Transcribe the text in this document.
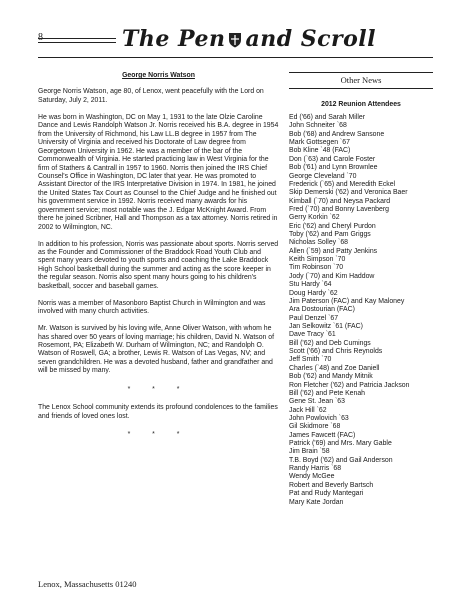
8	The Pen and Scroll

George Norris Watson

George Norris Watson, age 80, of Lenox, went peacefully with the Lord on Saturday, July 2, 2011.

He was born in Washington, DC on May 1, 1931 to the late Olzie Caroline Dance and Lewis Randolph Watson Jr. Norris received his B.A. degree in 1954 from the University of Richmond, his Law LL.B degree in 1957 from The University of Virginia and received his Doctorate of Law degree from Georgetown University in 1962. He was a member of the bar of the Commonwealth of Virginia. He started practicing law in West Virginia for the firm of Stathers & Cantrall in 1957 to 1960. Norris then joined the IRS Chief Counsel's Office in Washington, DC later that year. He was promoted to Assistant Director of the IRS Interpretative Division in 1974. In 1981, he joined the United States Tax Court as Counsel to the Chief Judge and he finished out his government service in 1992. Norris received many awards for his government service; most notable was the J. Edgar McKnight Award. From there he joined Scribner, Hall and Thompson as a tax attorney. Norris retired in 2002 to Wilmington, NC.

In addition to his profession, Norris was passionate about sports. Norris served as the Founder and Commissioner of the Braddock Road Youth Club and spent many years devoted to youth sports and coaching the Lake Braddock High School basketball during the summer and acting as the score keeper in the regular season. Norris also spent many hours going to his children's basketball, soccer and baseball games.

Norris was a member of Masonboro Baptist Church in Wilmington and was involved with many church activities.

Mr. Watson is survived by his loving wife, Anne Oliver Watson, with whom he has shared over 50 years of loving marriage; his children, David N. Watson of Rosemont, PA; Elizabeth W. Durham of Wilmington, NC; and Randolph O. Watson of Roswell, GA; a brother, Lewis R. Watson of Las Vegas, NV; and seven grandchildren. He was a devoted husband, father and grandfather and will be missed by many.

* * *

The Lenox School community extends its profound condolences to the families and friends of loved ones lost.

* * *

Lenox, Massachusetts 01240
Other News
2012 Reunion Attendees
Ed ('66) and Sarah Miller
John Schneiter `68
Bob ('68) and Andrew Sansone
Mark Gottsegen `67
Bob Kline `48 (FAC)
Don (`63) and Carole Foster
Bob ('61) and Lynn Brownlee
George Cleveland `70
Frederick (`65) and Meredith Eckel
Skip Demerski ('62) and Veronica Baer
Kimball (`70) and Neysa Packard
Fred (`70) and Bonny Lavenberg
Gerry Korkin `62
Eric ('62) and Cheryl Purdon
Toby ('62) and Pam Griggs
Nicholas Solley `68
Allen (`59) and Patty Jenkins
Keith Simpson `70
Tim Robinson `70
Jody (`70) and Kim Haddow
Stu Hardy `64
Doug Hardy `62
Jim Paterson (FAC) and Kay Maloney
Ara Dostourian (FAC)
Paul Denzel `67
Jan Selkowitz `61 (FAC)
Dave Tracy `61
Bill ('62) and Deb Cumings
Scott ('66) and Chris Reynolds
Jeff Smith `70
Charles (`48) and Zoe Daniell
Bob ('62) and Mandy Mitnik
Ron Fletcher ('62) and Patricia Jackson
Bill ('62) and Pete Kenah
Gene St. Jean `63
Jack Hill `62
John Powlovich `63
Gil Skidmore `68
James Fawcett (FAC)
Patrick ('69) and Mrs. Mary Gable
Jim Brain `58
T.B. Boyd ('62) and Gail Anderson
Randy Harris `68
Wendy McGee
Robert and Beverly Bartsch
Pat and Rudy Mantegari
Mary Kate Jordan
